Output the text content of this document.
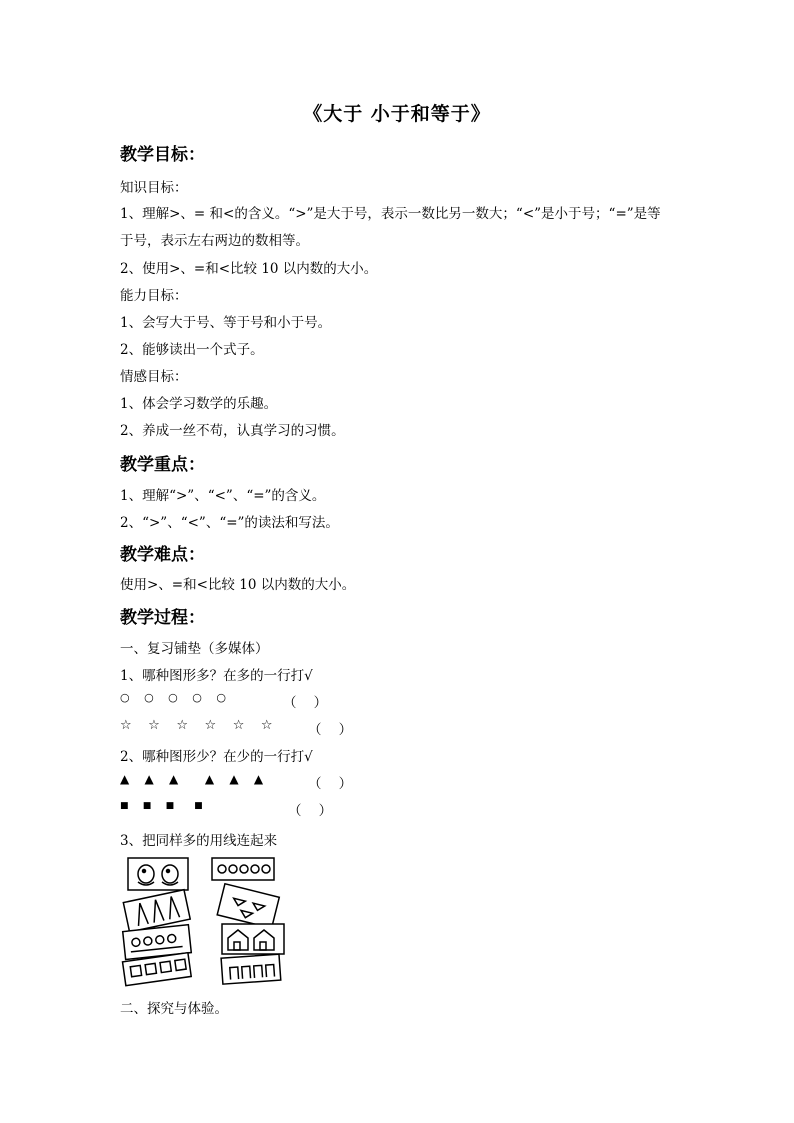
《大于 小于和等于》
教学目标：
知识目标：
1、理解>、= 和<的含义。“>”是大于号，表示一数比另一数大；“<”是小于号；“=”是等
于号，表示左右两边的数相等。
2、使用>、=和<比较 10 以内数的大小。
能力目标：
1、会写大于号、等于号和小于号。
2、能够读出一个式子。
情感目标：
1、体会学习数学的乐趣。
2、养成一丝不苟，认真学习的习惯。
教学重点：
1、理解“>”、“<”、“=”的含义。
2、“>”、“<”、“=”的读法和写法。
教学难点：
使用>、=和<比较 10 以内数的大小。
教学过程：
一、复习铺垫（多媒体）
1、哪种图形多？在多的一行打√
○   ○   ○   ○   ○	（    ）
☆    ☆    ☆    ☆    ☆    ☆	（    ）
2、哪种图形少？在少的一行打√
▲    ▲    ▲       ▲    ▲    ▲	（    ）
■     ■     ■       ■	（    ）
3、把同样多的用线连起来
二、探究与体验。
